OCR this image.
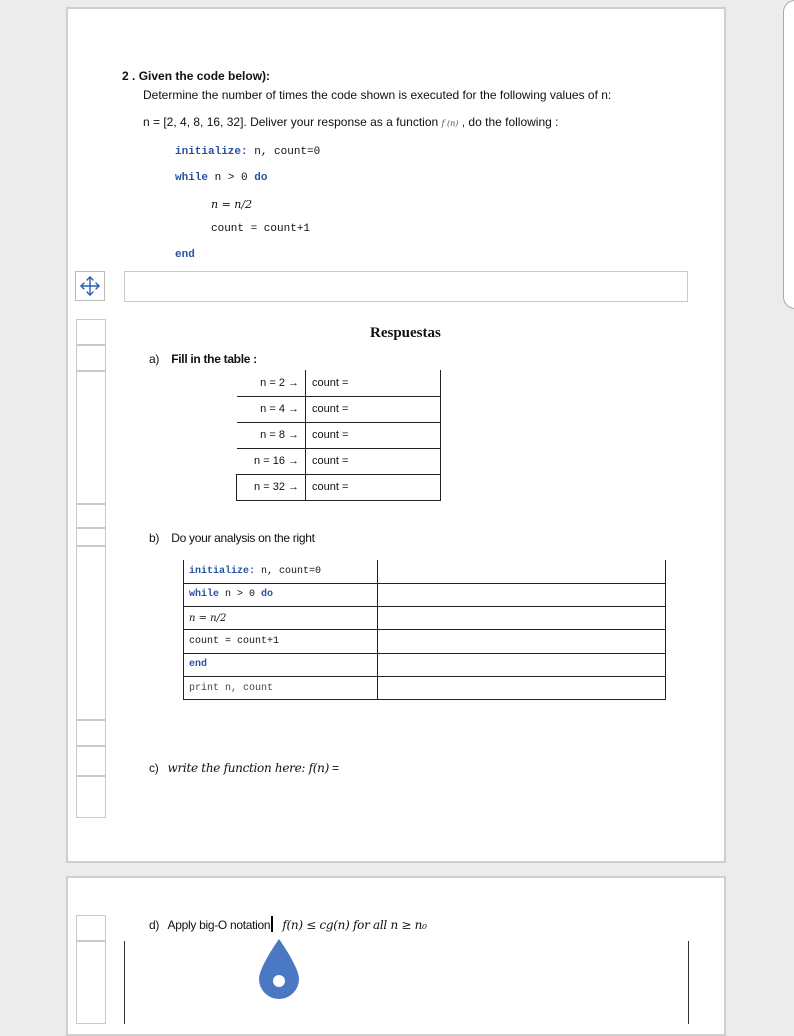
2 . Given the code below):
Determine the number of times the code shown is executed for the following values of n:
n = [2, 4, 8, 16, 32]. Deliver your response as a function f (n) , do the following :
initialize: n, count=0
while n > 0 do
n = n/2
count = count+1
end
Respuestas
a) Fill in the table :
n = 2 →	count =
n = 4 →	count =
n = 8 →	count =
n = 16 →	count =
n = 32 →	count =
b) Do your analysis on the right
initialize: n, count=0	
while n > 0 do	
n = n/2	
count = count+1	
end	
print n, count	
c) write the function here: f(n) =
d) Apply big-O notation f(n) ≤ cg(n) for all n ≥ n₀
